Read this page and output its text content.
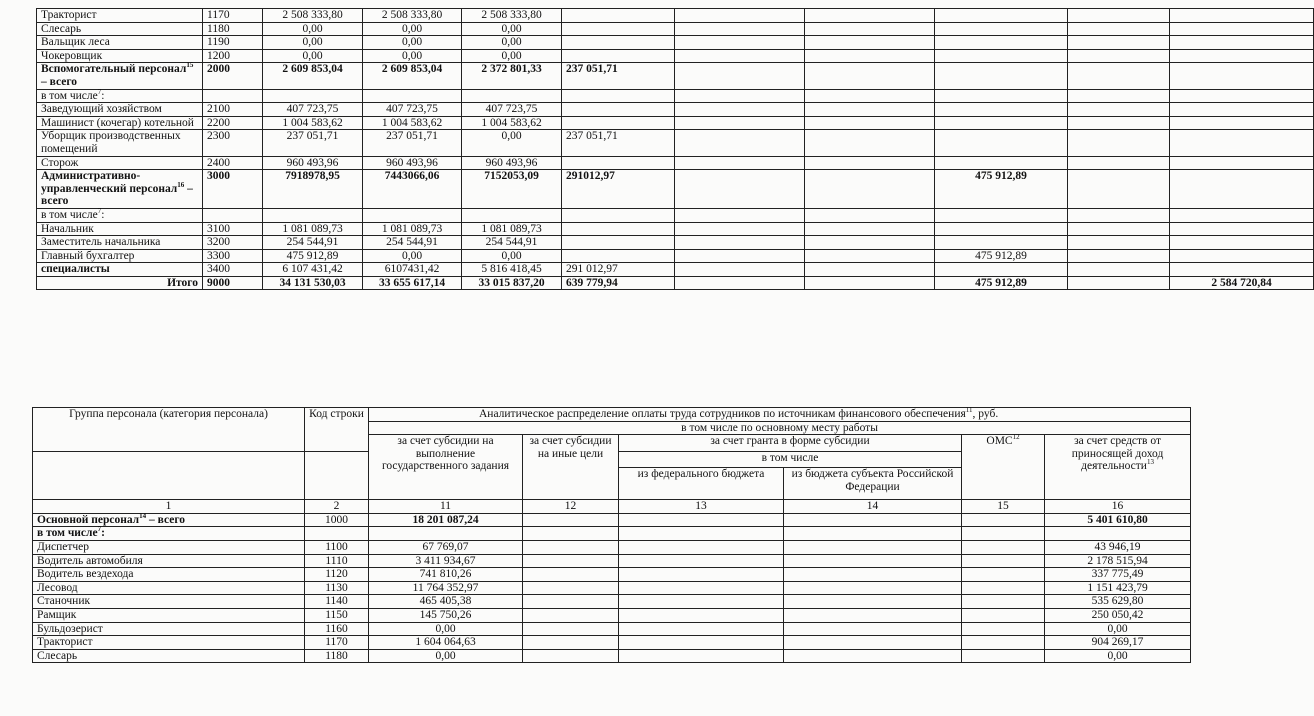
Тракторист	1170	2 508 333,80	2 508 333,80	2 508 333,80						
Слесарь	1180	0,00	0,00	0,00						
Вальщик леса	1190	0,00	0,00	0,00						
Чокеровщик	1200	0,00	0,00	0,00						
Вспомогательный персонал$^{15}$ – всего	2000	2 609 853,04	2 609 853,04	2 372 801,33	237 051,71					
в том числе$^7$:										
Заведующий хозяйством	2100	407 723,75	407 723,75	407 723,75						
Машинист (кочегар) котельной	2200	1 004 583,62	1 004 583,62	1 004 583,62						
Уборщик производственных помещений	2300	237 051,71	237 051,71	0,00	237 051,71					
Сторож	2400	960 493,96	960 493,96	960 493,96						
Административно-управленческий персонал$^{16}$ – всего	3000	7918978,95	7443066,06	7152053,09	291012,97			475 912,89		
в том числе$^7$:										
Начальник	3100	1 081 089,73	1 081 089,73	1 081 089,73						
Заместитель начальника	3200	254 544,91	254 544,91	254 544,91						
Главный бухгалтер	3300	475 912,89	0,00	0,00				475 912,89		
специалисты	3400	6 107 431,42	6107431,42	5 816 418,45	291 012,97					
Итого	9000	34 131 530,03	33 655 617,14	33 015 837,20	639 779,94			475 912,89		2 584 720,84
Группа персонала (категория персонала)	Код строки	Аналитическое распределение оплаты труда сотрудников по источникам финансового обеспечения$^{11}$, руб.					
		в том числе по основному месту работы					
		за счет субсидии на выполнение государственного задания	за счет субсидии на иные цели	за счет гранта в форме субсидии		ОМС$^{12}$	за счет средств от приносящей доход деятельности$^{13}$
				в том числе			
				из федерального бюджета	из бюджета субъекта Российской Федерации		
1	2	11	12	13	14	15	16
Основной персонал$^{14}$ – всего	1000	18 201 087,24					5 401 610,80
в том числе$^7$:							
Диспетчер	1100	67 769,07					43 946,19
Водитель автомобиля	1110	3 411 934,67					2 178 515,94
Водитель вездехода	1120	741 810,26					337 775,49
Лесовод	1130	11 764 352,97					1 151 423,79
Станочник	1140	465 405,38					535 629,80
Рамщик	1150	145 750,26					250 050,42
Бульдозерист	1160	0,00					0,00
Тракторист	1170	1 604 064,63					904 269,17
Слесарь	1180	0,00					0,00
